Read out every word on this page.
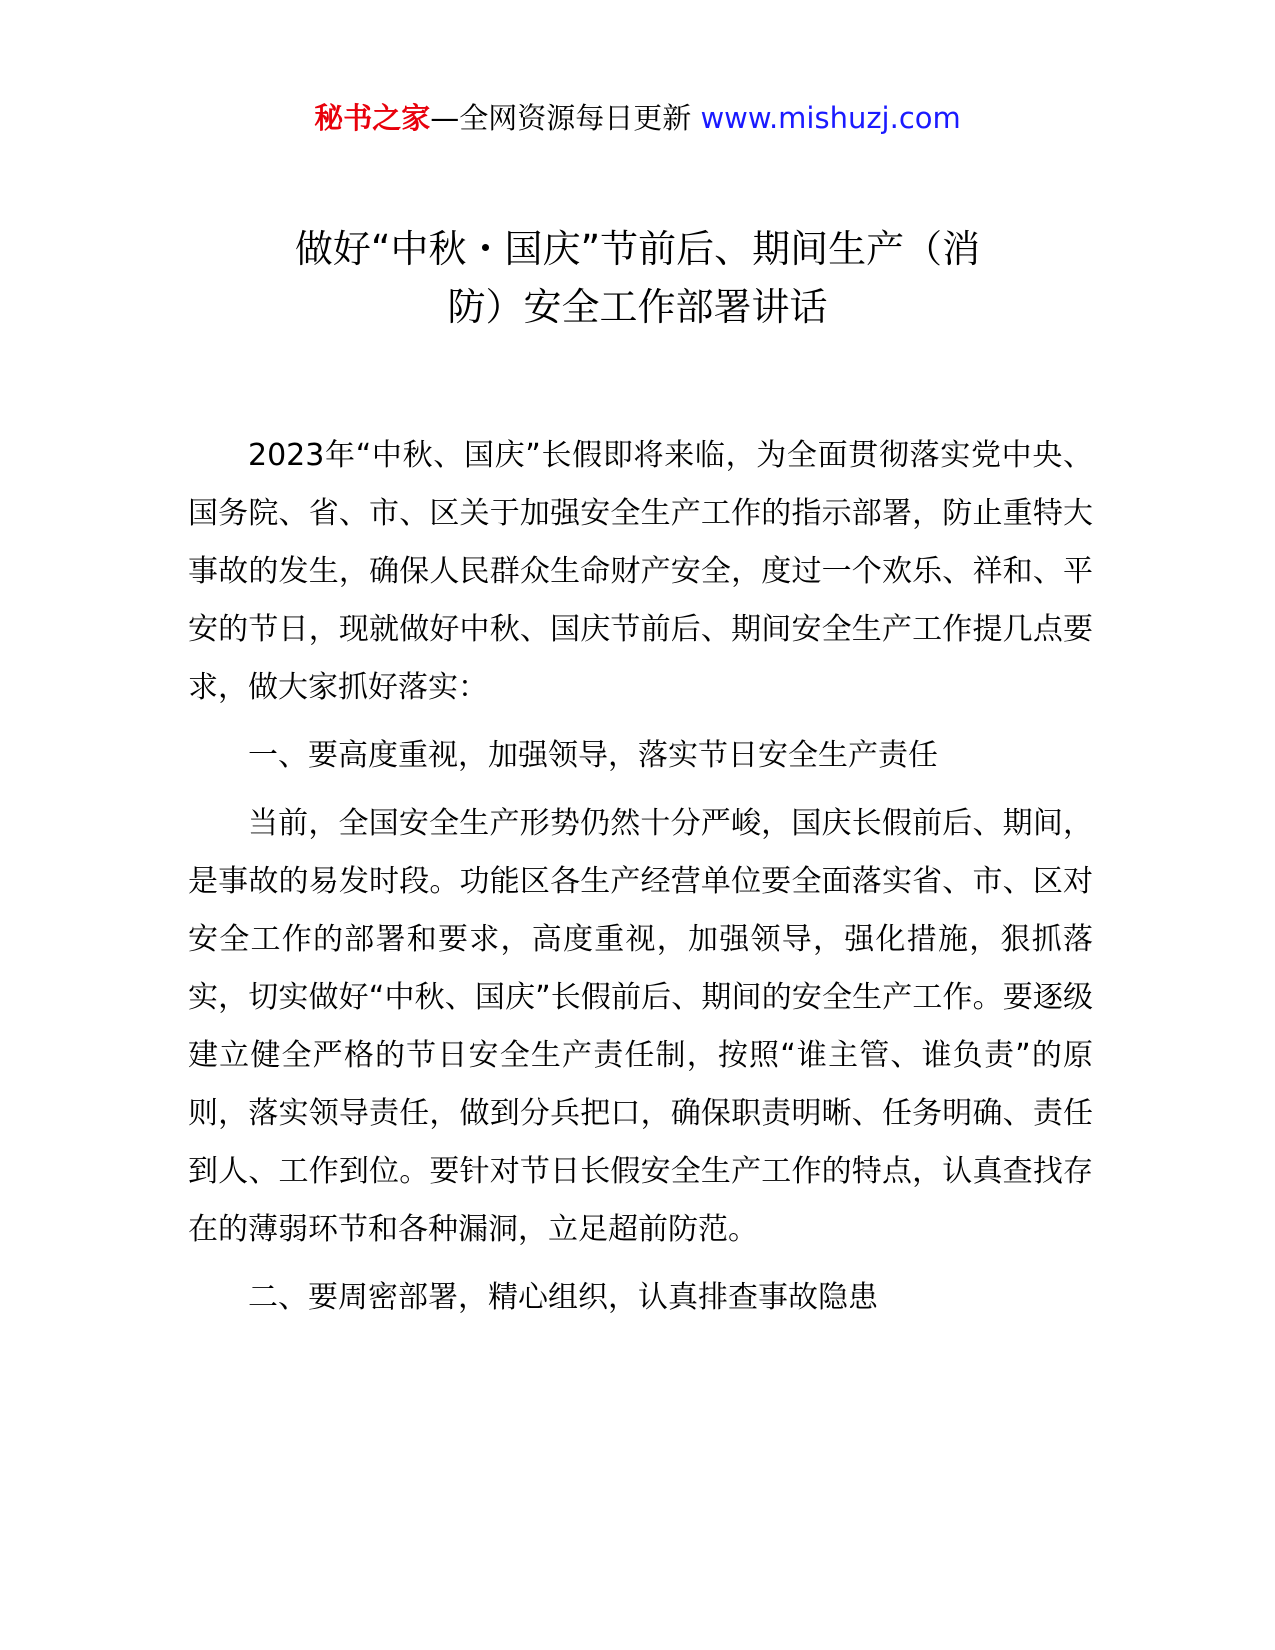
秘书之家—全网资源每日更新 www.mishuzj.com
做好“中秋・国庆”节前后、期间生产（消
防）安全工作部署讲话

2023年“中秋、国庆”长假即将来临，为全面贯彻落实党中央、国务院、省、市、区关于加强安全生产工作的指示部署，防止重特大事故的发生，确保人民群众生命财产安全，度过一个欢乐、祥和、平安的节日，现就做好中秋、国庆节前后、期间安全生产工作提几点要求，做大家抓好落实：

一、要高度重视，加强领导，落实节日安全生产责任

当前，全国安全生产形势仍然十分严峻，国庆长假前后、期间，是事故的易发时段。功能区各生产经营单位要全面落实省、市、区对安全工作的部署和要求，高度重视，加强领导，强化措施，狠抓落实，切实做好“中秋、国庆”长假前后、期间的安全生产工作。要逐级建立健全严格的节日安全生产责任制，按照“谁主管、谁负责”的原则，落实领导责任，做到分兵把口，确保职责明晰、任务明确、责任到人、工作到位。要针对节日长假安全生产工作的特点，认真查找存在的薄弱环节和各种漏洞，立足超前防范。

二、要周密部署，精心组织，认真排查事故隐患
